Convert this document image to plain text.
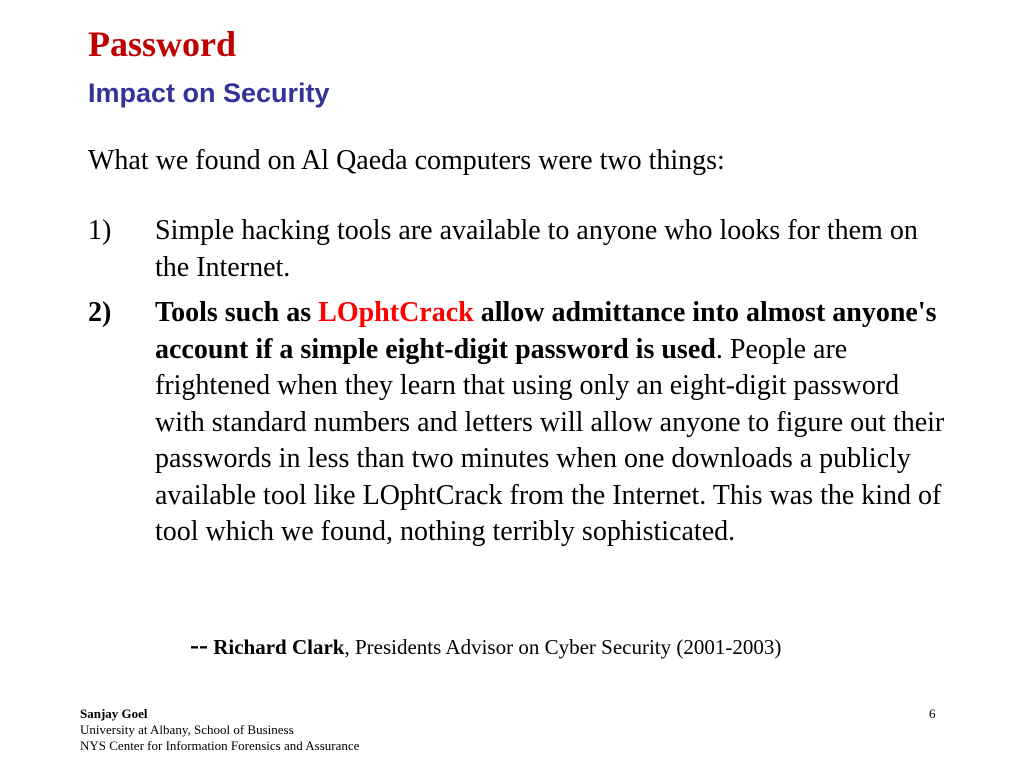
Password
Impact on Security
What we found on Al Qaeda computers were two things:
1) Simple hacking tools are available to anyone who looks for them on the Internet.
2) Tools such as LOphtCrack allow admittance into almost anyone's account if a simple eight-digit password is used. People are frightened when they learn that using only an eight-digit password with standard numbers and letters will allow anyone to figure out their passwords in less than two minutes when one downloads a publicly available tool like LOphtCrack from the Internet. This was the kind of tool which we found, nothing terribly sophisticated.
-- Richard Clark, Presidents Advisor on Cyber Security (2001-2003)
Sanjay Goel
University at Albany, School of Business
NYS Center for Information Forensics and Assurance
6
